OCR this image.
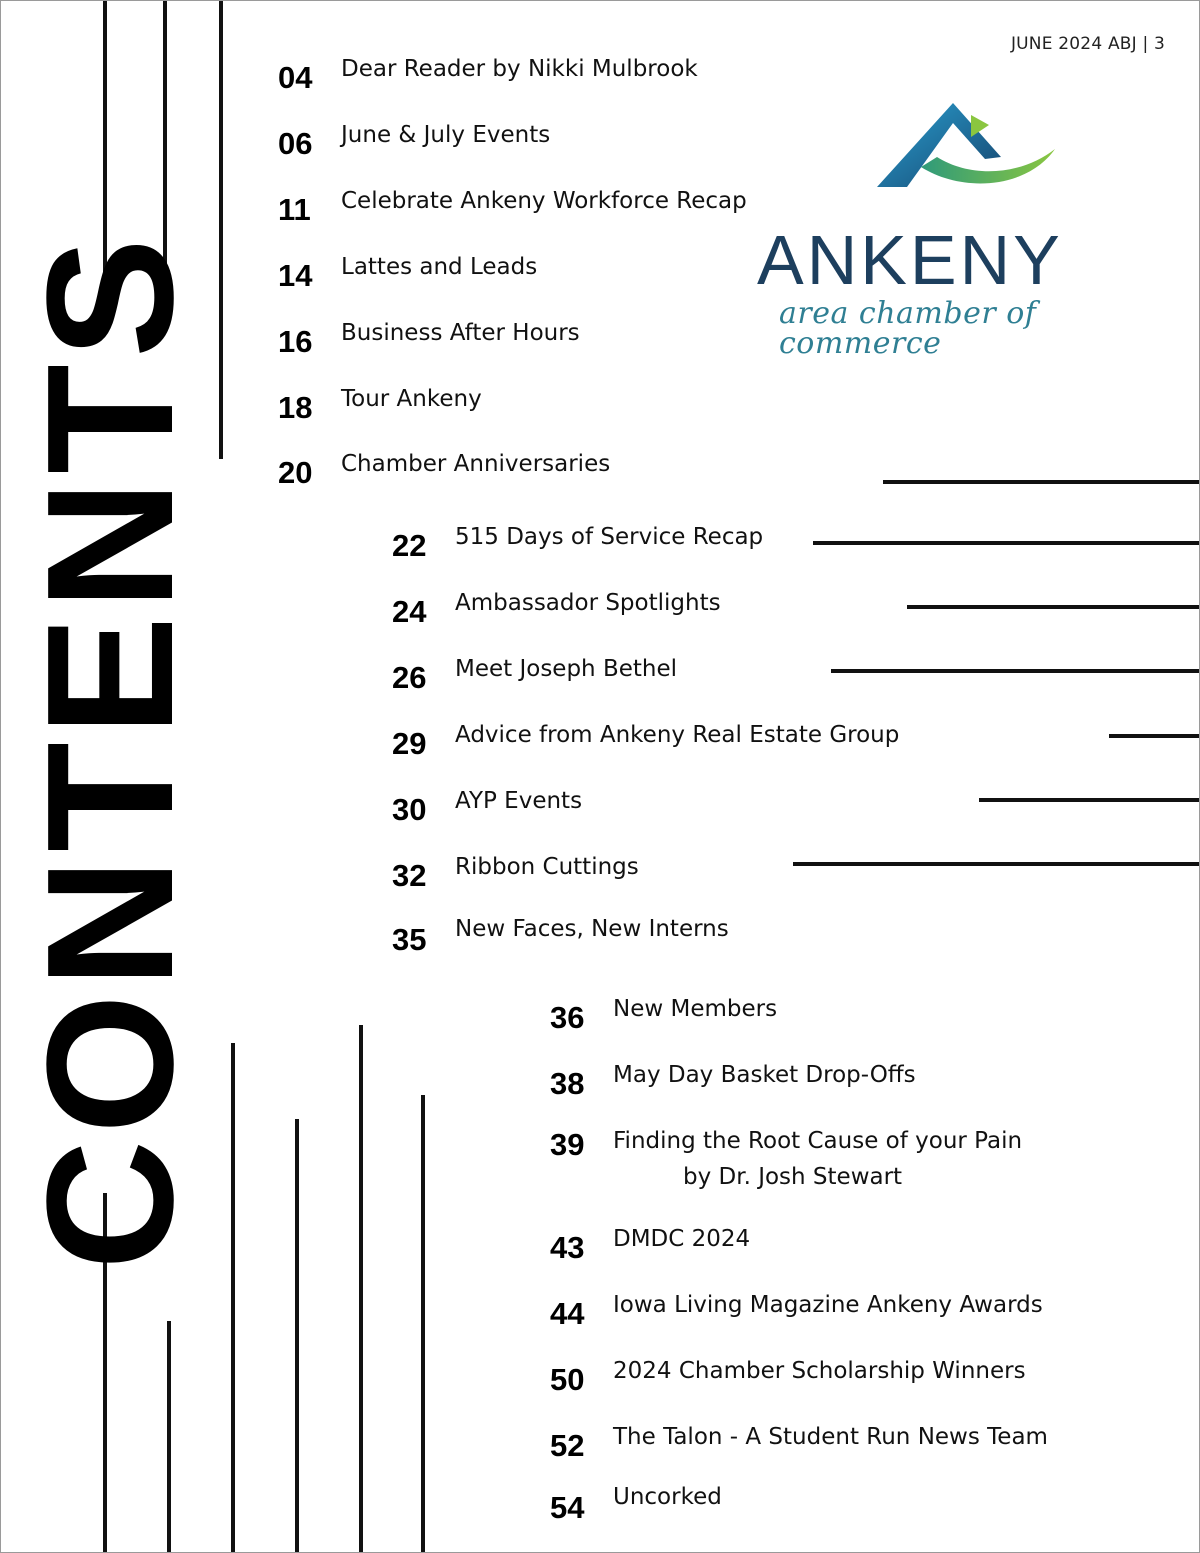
JUNE 2024 ABJ | 3
CONTENTS	ANKENY
area chamber of commerce
04 Dear Reader by Nikki Mulbrook
06 June & July Events
11 Celebrate Ankeny Workforce Recap
14 Lattes and Leads
16 Business After Hours
18 Tour Ankeny
20 Chamber Anniversaries
22 515 Days of Service Recap
24 Ambassador Spotlights
26 Meet Joseph Bethel
29 Advice from Ankeny Real Estate Group
30 AYP Events
32 Ribbon Cuttings
35 New Faces, New Interns
36 New Members
38 May Day Basket Drop-Offs
39 Finding the Root Cause of your Pain
by Dr. Josh Stewart
43 DMDC 2024
44 Iowa Living Magazine Ankeny Awards
50 2024 Chamber Scholarship Winners
52 The Talon - A Student Run News Team
54 Uncorked
